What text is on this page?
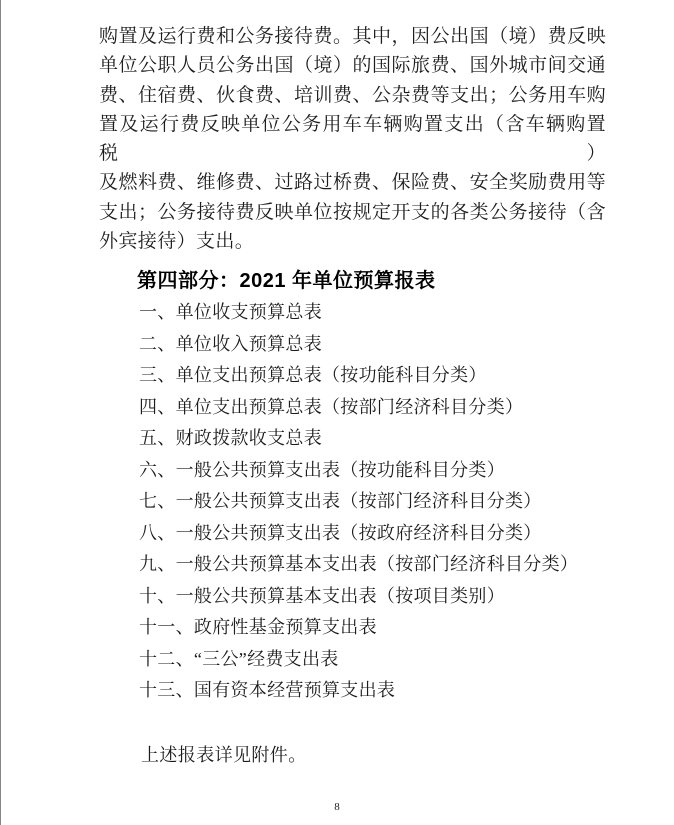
购置及运行费和公务接待费。其中，因公出国（境）费反映
单位公职人员公务出国（境）的国际旅费、国外城市间交通
费、住宿费、伙食费、培训费、公杂费等支出；公务用车购
置及运行费反映单位公务用车车辆购置支出（含车辆购置税）
及燃料费、维修费、过路过桥费、保险费、安全奖励费用等
支出；公务接待费反映单位按规定开支的各类公务接待（含
外宾接待）支出。
第四部分：2021 年单位预算报表
一、单位收支预算总表
二、单位收入预算总表
三、单位支出预算总表（按功能科目分类）
四、单位支出预算总表（按部门经济科目分类）
五、财政拨款收支总表
六、一般公共预算支出表（按功能科目分类）
七、一般公共预算支出表（按部门经济科目分类）
八、一般公共预算支出表（按政府经济科目分类）
九、一般公共预算基本支出表（按部门经济科目分类）
十、一般公共预算基本支出表（按项目类别）
十一、政府性基金预算支出表
十二、“三公”经费支出表
十三、国有资本经营预算支出表
上述报表详见附件。
8
